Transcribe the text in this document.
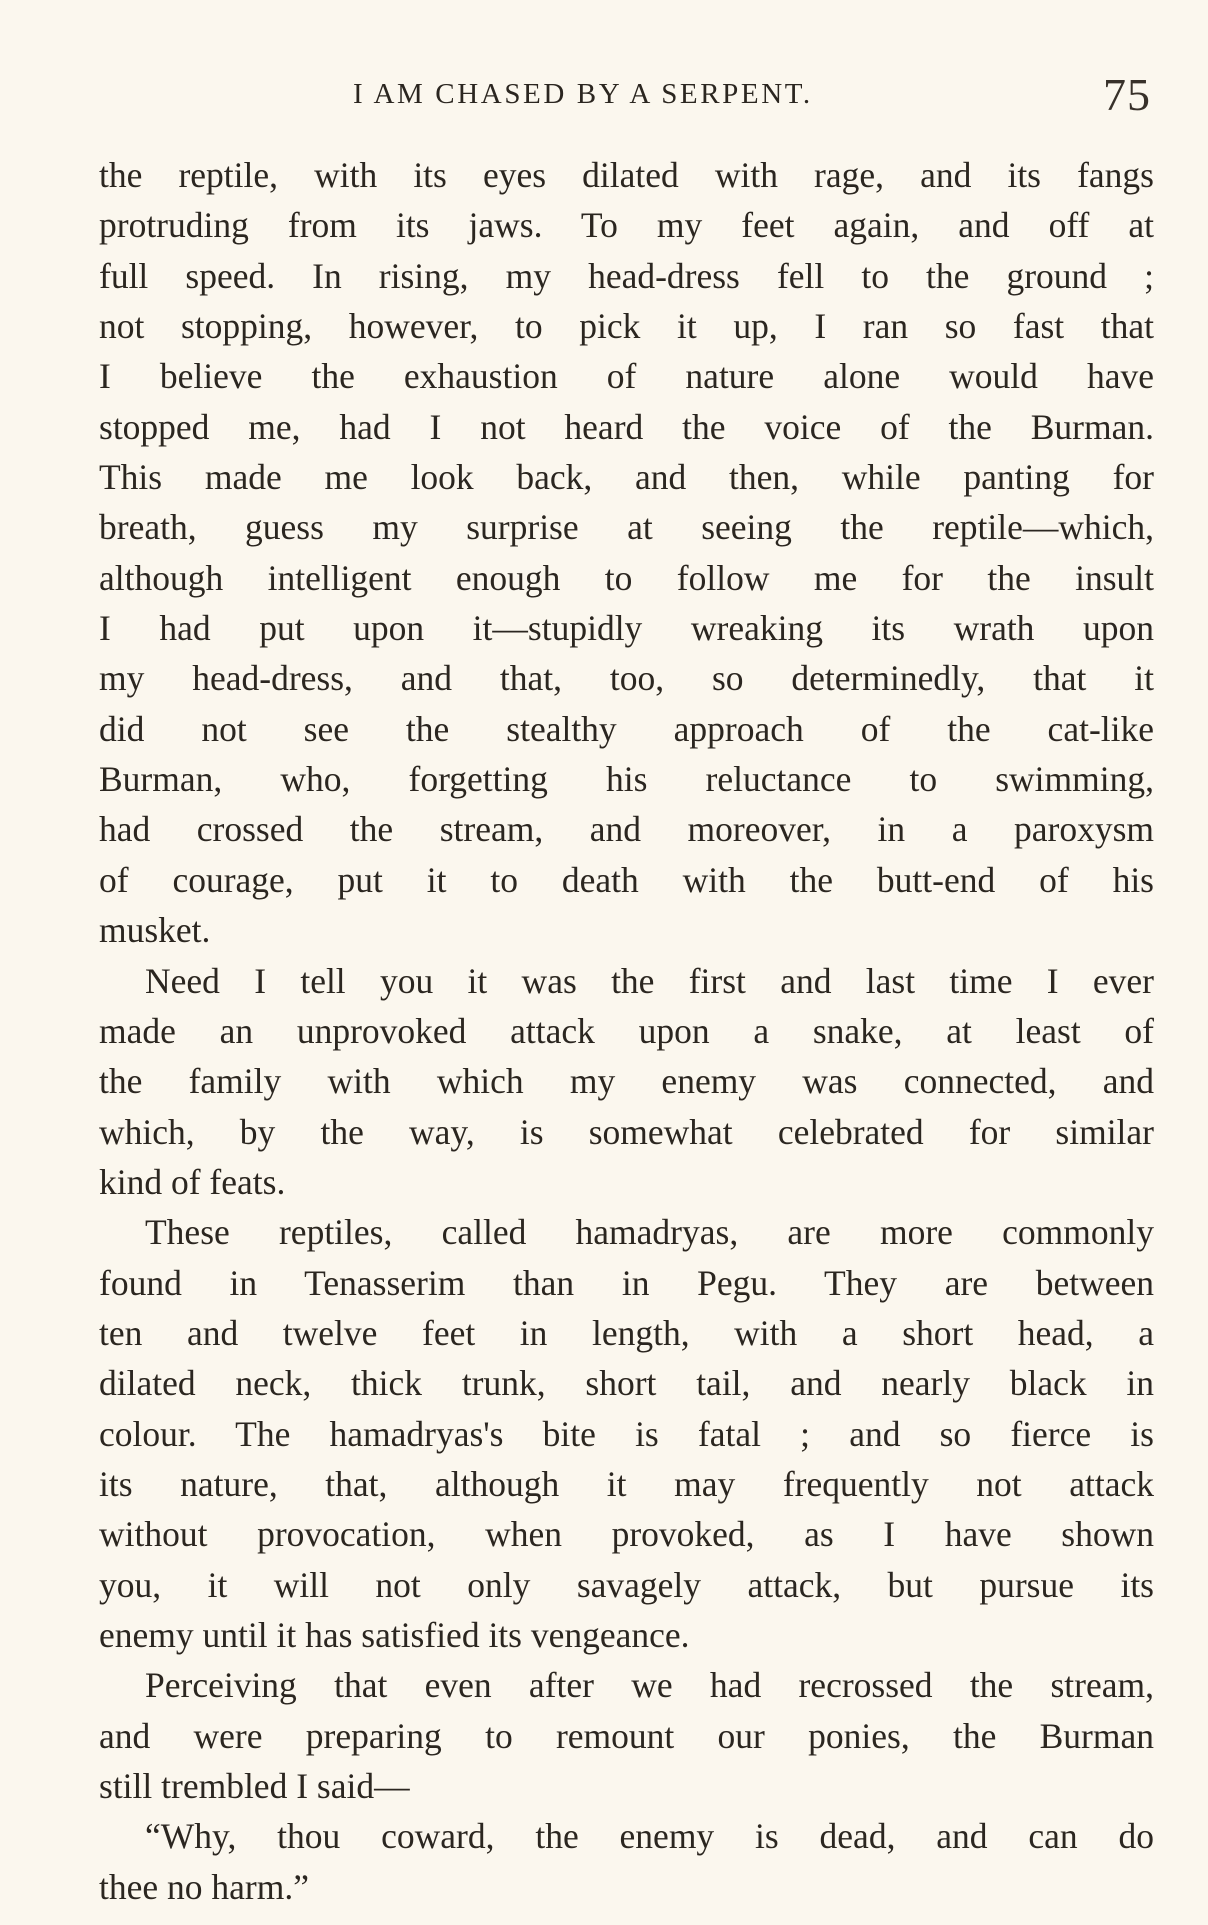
I AM CHASED BY A SERPENT.	75
the reptile, with its eyes dilated with rage, and its fangs
protruding from its jaws. To my feet again, and off at
full speed. In rising, my head-dress fell to the ground ;
not stopping, however, to pick it up, I ran so fast that
I believe the exhaustion of nature alone would have
stopped me, had I not heard the voice of the Burman.
This made me look back, and then, while panting for
breath, guess my surprise at seeing the reptile—which,
although intelligent enough to follow me for the insult
I had put upon it—stupidly wreaking its wrath upon
my head-dress, and that, too, so determinedly, that it
did not see the stealthy approach of the cat-like
Burman, who, forgetting his reluctance to swimming,
had crossed the stream, and moreover, in a paroxysm
of courage, put it to death with the butt-end of his
musket.
Need I tell you it was the first and last time I ever
made an unprovoked attack upon a snake, at least of
the family with which my enemy was connected, and
which, by the way, is somewhat celebrated for similar
kind of feats.
These reptiles, called hamadryas, are more commonly
found in Tenasserim than in Pegu. They are between
ten and twelve feet in length, with a short head, a
dilated neck, thick trunk, short tail, and nearly black in
colour. The hamadryas's bite is fatal ; and so fierce is
its nature, that, although it may frequently not attack
without provocation, when provoked, as I have shown
you, it will not only savagely attack, but pursue its
enemy until it has satisfied its vengeance.
Perceiving that even after we had recrossed the stream,
and were preparing to remount our ponies, the Burman
still trembled I said—
“Why, thou coward, the enemy is dead, and can do
thee no harm.”
